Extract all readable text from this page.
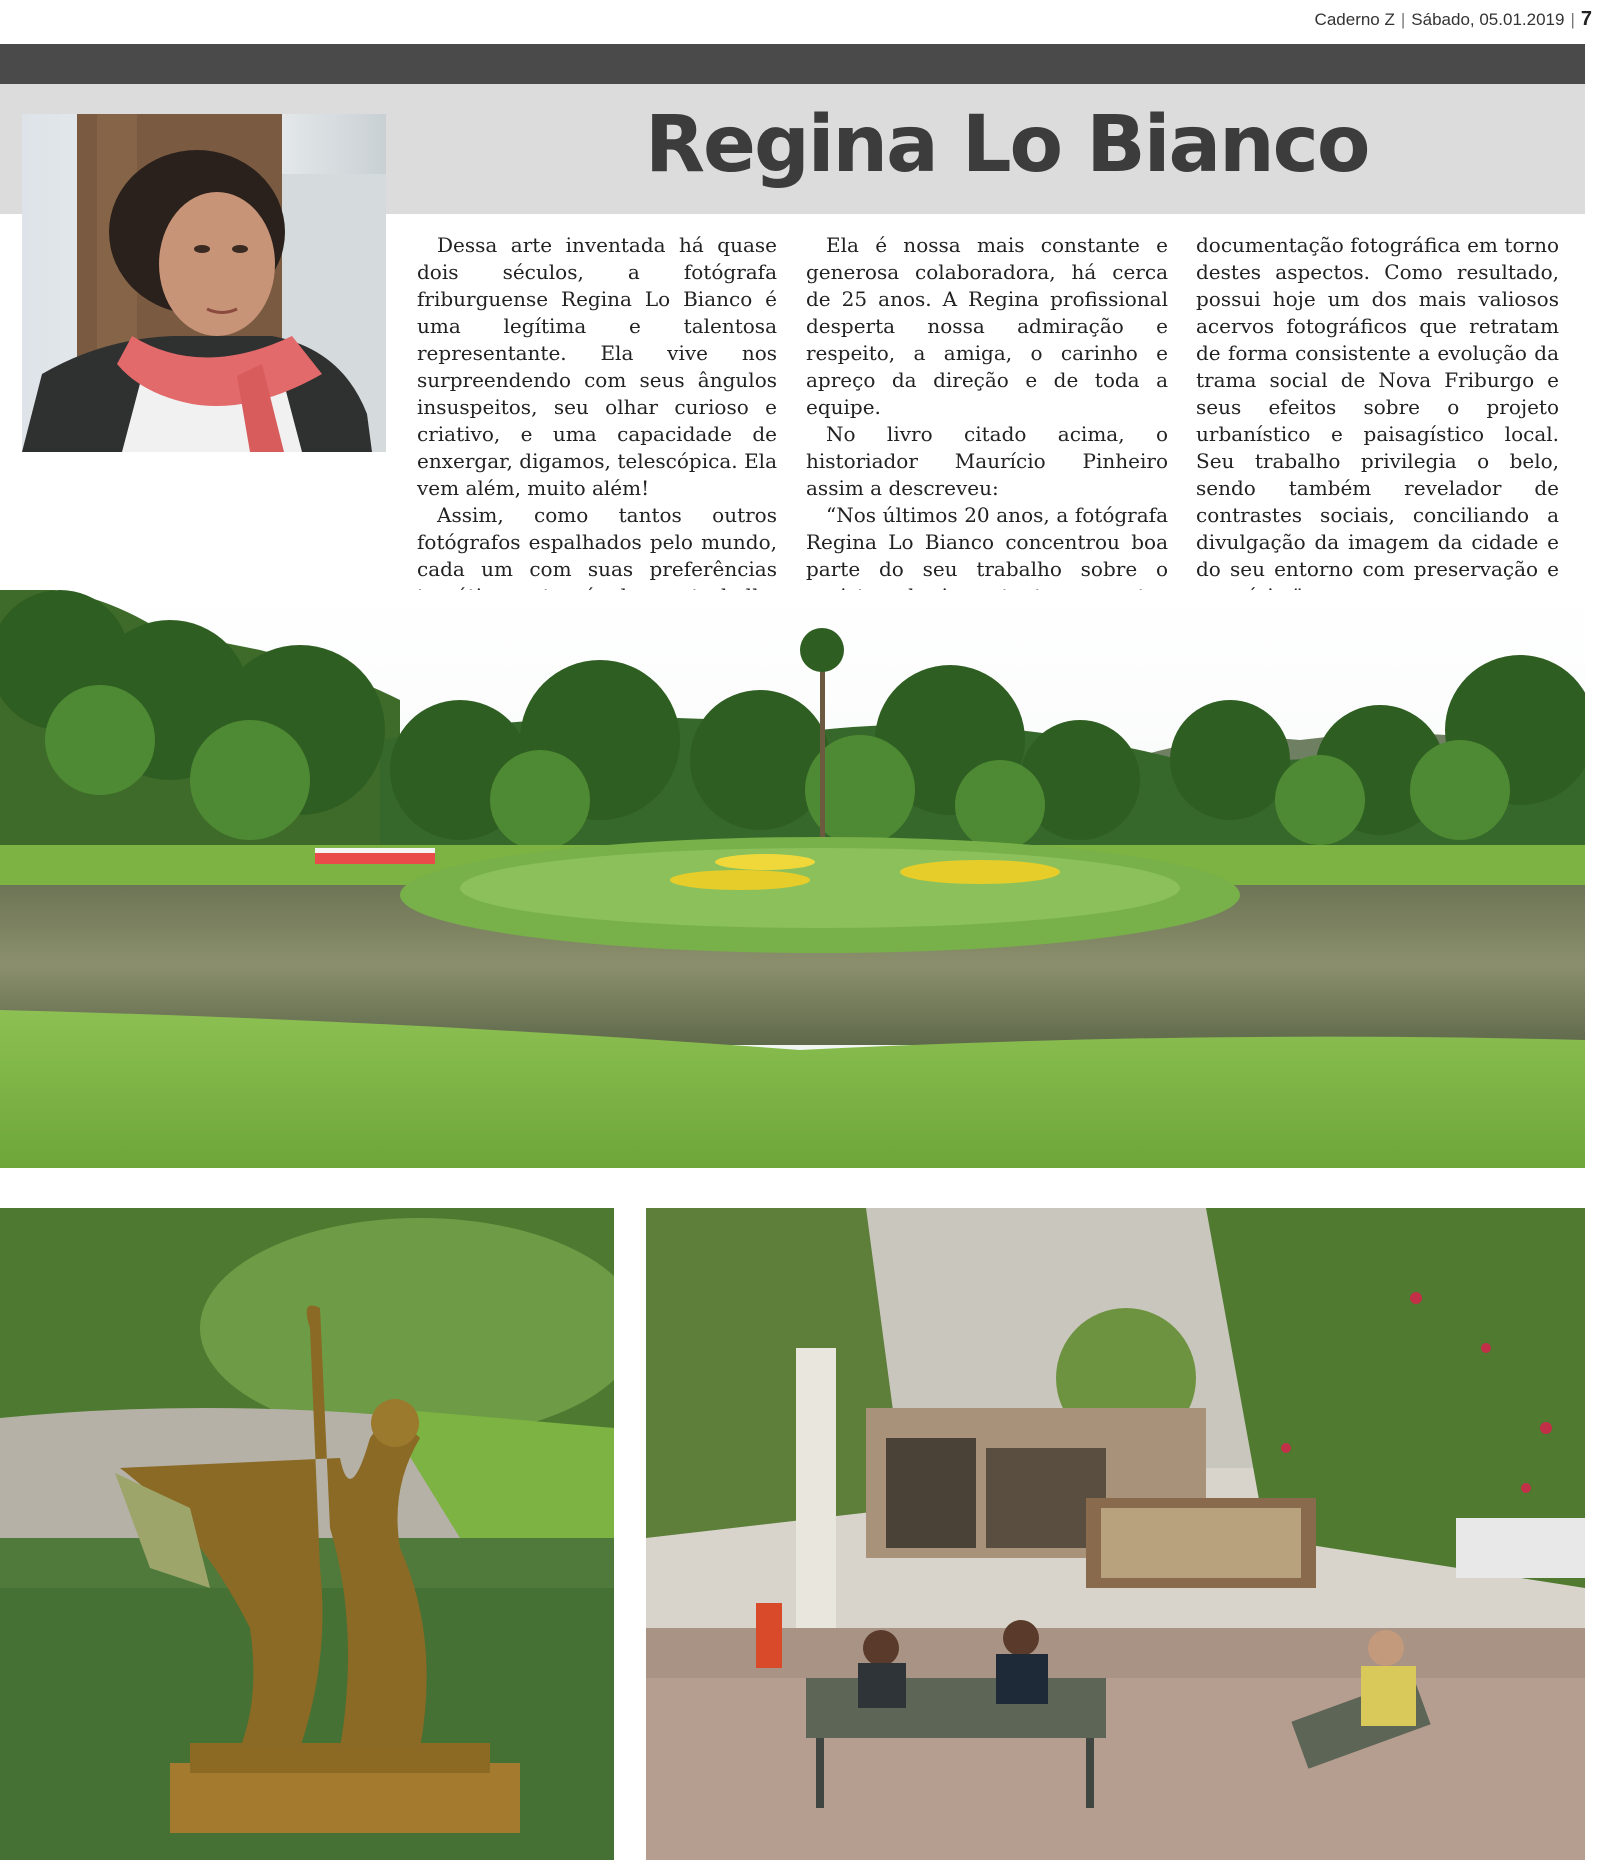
Caderno Z | Sábado, 05.01.2019 | 7
Regina Lo Bianco

Dessa arte inventada há quase dois séculos, a fotógrafa friburguense Regina Lo Bianco é uma legítima e talentosa representante. Ela vive nos surpreendendo com seus ângulos insuspeitos, seu olhar curioso e criativo, e uma capacidade de enxergar, digamos, telescópica. Ela vem além, muito além!

Assim, como tantos outros fotógrafos espalhados pelo mundo, cada um com suas preferências

Ela é nossa mais constante e generosa colaboradora, há cerca de 25 anos. A Regina profissional desperta nossa admiração e respeito, a amiga, o carinho e apreço da direção e de toda a equipe.

No livro citado acima, o historiador Maurício Pinheiro assim a descreveu:

“Nos últimos 20 anos, a fotógrafa Regina Lo Bianco concentrou boa parte do seu trabalho sobre o

documentação fotográfica em torno destes aspectos. Como resultado, possui hoje um dos mais valiosos acervos fotográficos que retratam de forma consistente a evolução da trama social de Nova Friburgo e seus efeitos sobre o projeto urbanístico e paisagístico local. Seu trabalho privilegia o belo, sendo também revelador de contrastes sociais, conciliando a divulgação da imagem da cidade e do seu entorno com preservação e
